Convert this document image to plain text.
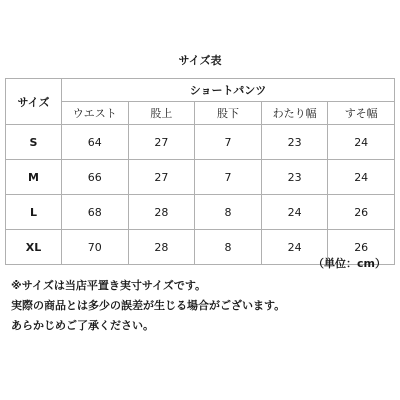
サイズ表
サイズ	ショートパンツ				
	ウエスト	股上	股下	わたり幅	すそ幅
S	64	27	7	23	24
M	66	27	7	23	24
L	68	28	8	24	26
XL	70	28	8	24	26
（単位：cm）
※サイズは当店平置き実寸サイズです。
実際の商品とは多少の誤差が生じる場合がございます。
あらかじめご了承ください。
